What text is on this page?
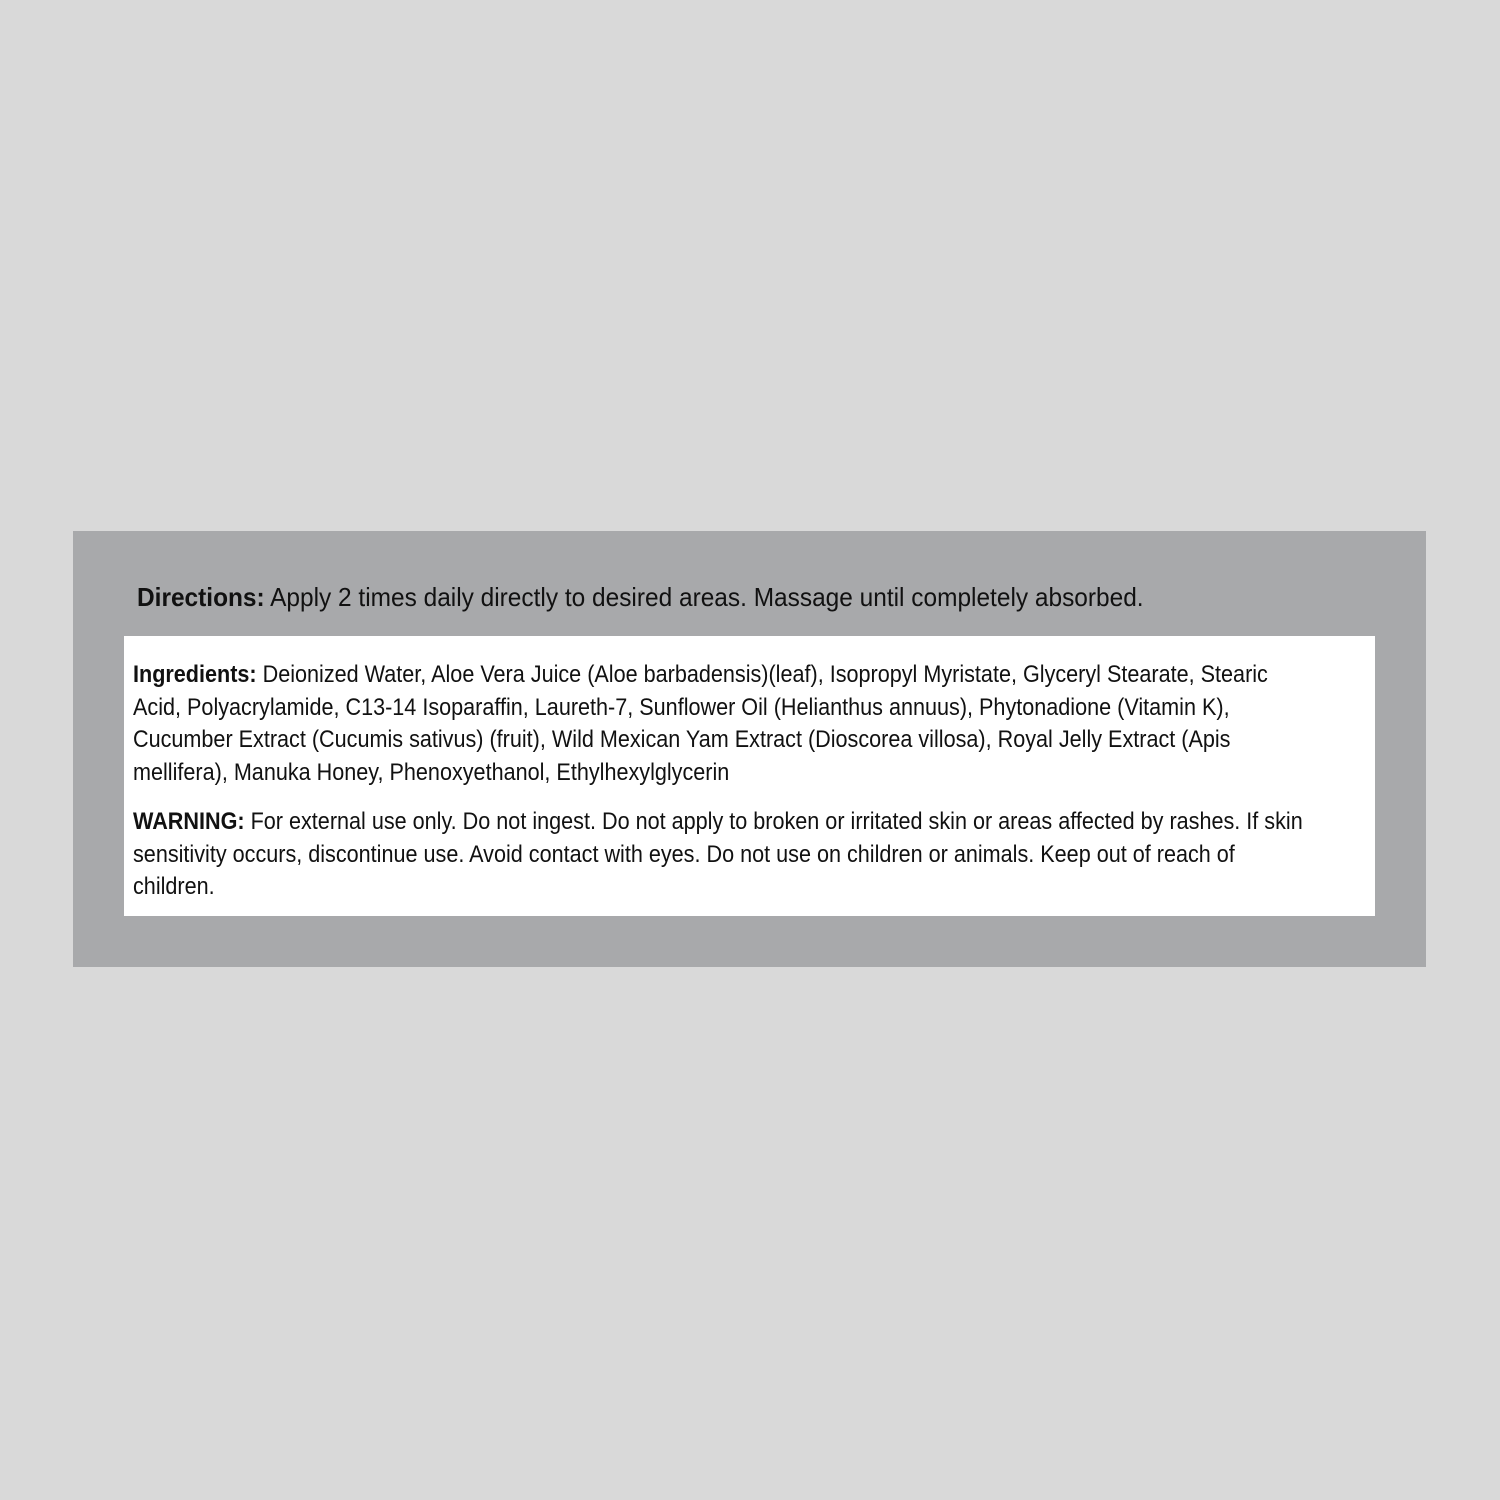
Directions: Apply 2 times daily directly to desired areas. Massage until completely absorbed.

Ingredients: Deionized Water, Aloe Vera Juice (Aloe barbadensis)(leaf), Isopropyl Myristate, Glyceryl Stearate, Stearic
Acid, Polyacrylamide, C13-14 Isoparaffin, Laureth-7, Sunflower Oil (Helianthus annuus), Phytonadione (Vitamin K),
Cucumber Extract (Cucumis sativus) (fruit), Wild Mexican Yam Extract (Dioscorea villosa), Royal Jelly Extract (Apis
mellifera), Manuka Honey, Phenoxyethanol, Ethylhexylglycerin

WARNING: For external use only. Do not ingest. Do not apply to broken or irritated skin or areas affected by rashes. If skin
sensitivity occurs, discontinue use. Avoid contact with eyes. Do not use on children or animals. Keep out of reach of
children.
